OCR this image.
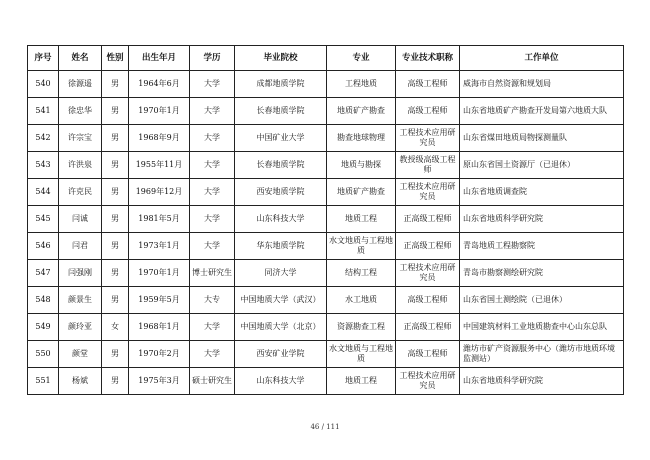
序号	姓名	性别	出生年月	学历	毕业院校	专业	专业技术职称	工作单位
540	徐源遥	男	1964年6月	大学	成都地质学院	工程地质	高级工程师	威海市自然资源和规划局
541	徐忠华	男	1970年1月	大学	长春地质学院	地质矿产勘查	高级工程师	山东省地质矿产勘查开发局第六地质大队
542	许宗宝	男	1968年9月	大学	中国矿业大学	勘查地球物理	工程技术应用研究员	山东省煤田地质局物探测量队
543	许洪泉	男	1955年11月	大学	长春地质学院	地质与勘探	教授级高级工程师	原山东省国土资源厅（已退休）
544	许克民	男	1969年12月	大学	西安地质学院	地质矿产勘查	工程技术应用研究员	山东省地质调查院
545	闫诚	男	1981年5月	大学	山东科技大学	地质工程	正高级工程师	山东省地质科学研究院
546	闫君	男	1973年1月	大学	华东地质学院	水文地质与工程地质	正高级工程师	青岛地质工程勘察院
547	闫强刚	男	1970年1月	博士研究生	同济大学	结构工程	工程技术应用研究员	青岛市勘察测绘研究院
548	颜景生	男	1959年5月	大专	中国地质大学（武汉）	水工地质	高级工程师	山东省国土测绘院（已退休）
549	颜玲亚	女	1968年1月	大学	中国地质大学（北京）	资源勘查工程	正高级工程师	中国建筑材料工业地质勘查中心山东总队
550	颜堂	男	1970年2月	大学	西安矿业学院	水文地质与工程地质	高级工程师	潍坊市矿产资源服务中心（潍坊市地质环境监测站）
551	杨斌	男	1975年3月	硕士研究生	山东科技大学	地质工程	工程技术应用研究员	山东省地质科学研究院
46 / 111
